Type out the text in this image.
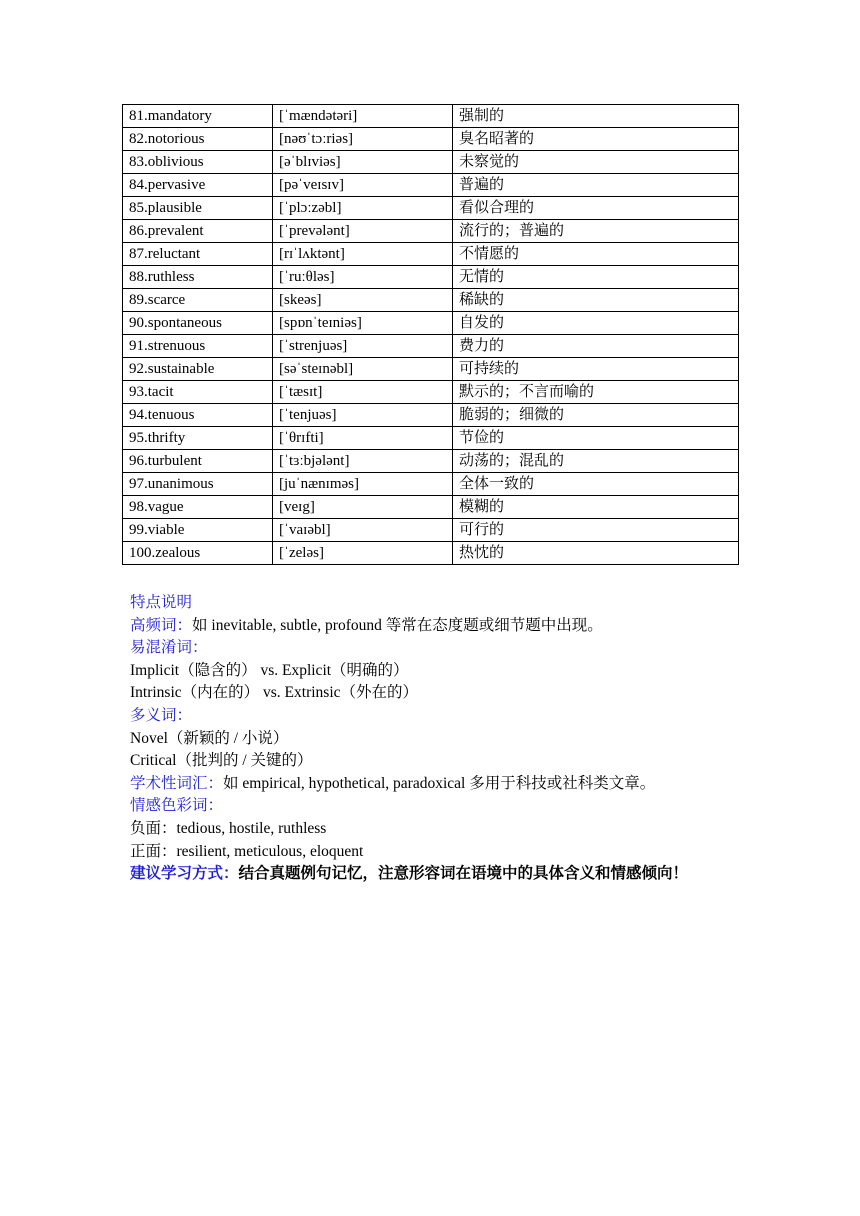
81.mandatory	[ˈmændətəri]	强制的
82.notorious	[nəʊˈtɔːriəs]	臭名昭著的
83.oblivious	[əˈblɪviəs]	未察觉的
84.pervasive	[pəˈveɪsɪv]	普遍的
85.plausible	[ˈplɔːzəbl]	看似合理的
86.prevalent	[ˈprevələnt]	流行的；普遍的
87.reluctant	[rɪˈlʌktənt]	不情愿的
88.ruthless	[ˈruːθləs]	无情的
89.scarce	[skeəs]	稀缺的
90.spontaneous	[spɒnˈteɪniəs]	自发的
91.strenuous	[ˈstrenjuəs]	费力的
92.sustainable	[səˈsteɪnəbl]	可持续的
93.tacit	[ˈtæsɪt]	默示的；不言而喻的
94.tenuous	[ˈtenjuəs]	脆弱的；细微的
95.thrifty	[ˈθrɪfti]	节俭的
96.turbulent	[ˈtɜːbjələnt]	动荡的；混乱的
97.unanimous	[juˈnænɪməs]	全体一致的
98.vague	[veɪg]	模糊的
99.viable	[ˈvaɪəbl]	可行的
100.zealous	[ˈzeləs]	热忱的
特点说明
高频词：如 inevitable, subtle, profound 等常在态度题或细节题中出现。
易混淆词：
Implicit（隐含的） vs. Explicit（明确的）
Intrinsic（内在的） vs. Extrinsic（外在的）
多义词：
Novel（新颖的 / 小说）
Critical（批判的 / 关键的）
学术性词汇：如 empirical, hypothetical, paradoxical 多用于科技或社科类文章。
情感色彩词：
负面：tedious, hostile, ruthless
正面：resilient, meticulous, eloquent
建议学习方式：结合真题例句记忆，注意形容词在语境中的具体含义和情感倾向！
